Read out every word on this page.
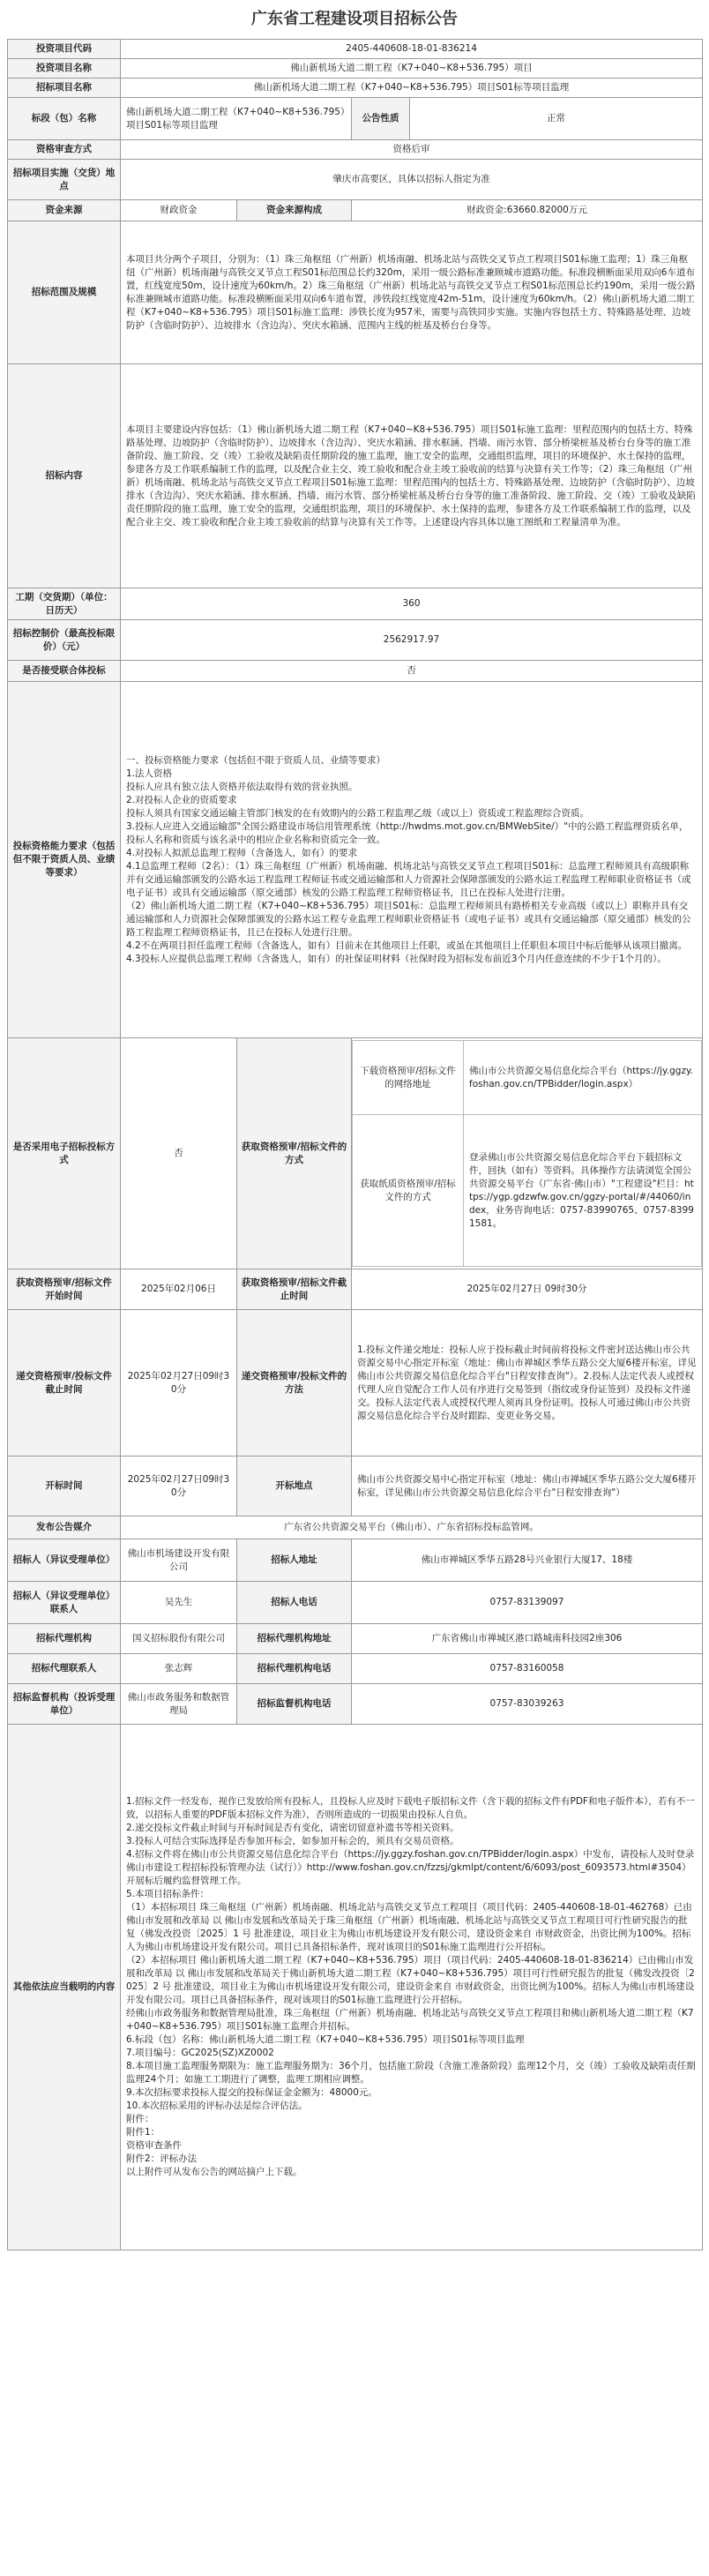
广东省工程建设项目招标公告
投资项目代码	2405-440608-18-01-836214
投资项目名称	佛山新机场大道二期工程（K7+040~K8+536.795）项目
招标项目名称	佛山新机场大道二期工程（K7+040~K8+536.795）项目S01标等项目监理
标段（包）名称	佛山新机场大道二期工程（K7+040~K8+536.795）项目S01标等项目监理	公告性质	正常
资格审查方式	资格后审
招标项目实施（交货）地点	肇庆市高要区，具体以招标人指定为准
资金来源	财政资金	资金来源构成	财政资金:63660.82000万元
招标范围及规模	本项目共分两个子项目，分别为：（1）珠三角枢纽（广州新）机场南融、机场北站与高铁交叉节点工程项目S01标施工监理；1）珠三角枢纽（广州新）机场南融与高铁交叉节点工程S01标范围总长约320m，采用一级公路标准兼顾城市道路功能。标准段横断面采用双向6车道布置，红线宽度50m，设计速度为60km/h。2）珠三角枢纽（广州新）机场北站与高铁交叉节点工程S01标范围总长约190m，采用一级公路标准兼顾城市道路功能。标准段横断面采用双向6车道布置，涉铁段红线宽度42m-51m，设计速度为60km/h。（2）佛山新机场大道二期工程（K7+040~K8+536.795）项目S01标施工监理：涉铁长度为957米，需要与高铁同步实施。实施内容包括土方、特殊路基处理、边坡防护（含临时防护）、边坡排水（含边沟）、突庆水箱涵、范围内主线的桩基及桥台台身等。
招标内容	本项目主要建设内容包括：（1）佛山新机场大道二期工程（K7+040~K8+536.795）项目S01标施工监理：里程范围内的包括土方、特殊路基处理、边坡防护（含临时防护）、边坡排水（含边沟）、突庆水箱涵、排水框涵、挡墙、雨污水管、部分桥梁桩基及桥台台身等的施工准备阶段、施工阶段、交（竣）工验收及缺陷责任期阶段的施工监理，施工安全的监理，交通组织监理，项目的环境保护、水土保持的监理，参建各方及工作联系编制工作的监理，以及配合业主交、竣工验收和配合业主竣工验收前的结算与决算有关工作等；（2）珠三角枢纽（广州新）机场南融、机场北站与高铁交叉节点工程项目S01标施工监理：里程范围内的包括土方、特殊路基处理、边坡防护（含临时防护）、边坡排水（含边沟）、突庆水箱涵、排水框涵、挡墙、雨污水管、部分桥梁桩基及桥台台身等的施工准备阶段、施工阶段、交（竣）工验收及缺陷责任期阶段的施工监理，施工安全的监理，交通组织监理，项目的环境保护、水土保持的监理，参建各方及工作联系编制工作的监理，以及配合业主交、竣工验收和配合业主竣工验收前的结算与决算有关工作等。上述建设内容具体以施工图纸和工程量清单为准。
工期（交货期）（单位：日历天）	360
招标控制价（最高投标限价）（元）	2562917.97
是否接受联合体投标	否
投标资格能力要求（包括但不限于资质人员、业绩等要求）	
一、投标资格能力要求（包括但不限于资质人员、业绩等要求）
1.法人资格
投标人应具有独立法人资格并依法取得有效的营业执照。
2.对投标人企业的资质要求
投标人须具有国家交通运输主管部门核发的在有效期内的公路工程监理乙级（或以上）资质或工程监理综合资质。
3.投标人应进入交通运输部"全国公路建设市场信用管理系统（http://hwdms.mot.gov.cn/BMWebSite/）"中的公路工程监理资质名单，投标人名称和资质与该名录中的相应企业名称和资质完全一致。
4.对投标人拟派总监理工程师（含备选人，如有）的要求
4.1总监理工程师（2名）：（1）珠三角枢纽（广州新）机场南融、机场北站与高铁交叉节点工程项目S01标：总监理工程师须具有高级职称并有交通运输部颁发的公路水运工程监理工程师证书或交通运输部和人力资源社会保障部颁发的公路水运工程监理工程师职业资格证书（或电子证书）或具有交通运输部（原交通部）核发的公路工程监理工程师资格证书，且已在投标人处进行注册。
（2）佛山新机场大道二期工程（K7+040~K8+536.795）项目S01标：总监理工程师须具有路桥相关专业高级（或以上）职称并具有交通运输部和人力资源社会保障部颁发的公路水运工程专业监理工程师职业资格证书（或电子证书）或具有交通运输部（原交通部）核发的公路工程监理工程师资格证书，且已在投标人处进行注册。
4.2不在两项目担任监理工程师（含备选人，如有）目前未在其他项目上任职，或虽在其他项目上任职但本项目中标后能够从该项目撤离。
4.3投标人应提供总监理工程师（含备选人，如有）的社保证明材料（社保时段为招标发布前近3个月内任意连续的不少于1个月的）。

是否采用电子招标投标方式	否	获取资格预审/招标文件的方式	
下载资格预审/招标文件的网络地址	佛山市公共资源交易信息化综合平台（https://jy.ggzy.foshan.gov.cn/TPBidder/login.aspx）
获取纸质资格预审/招标文件的方式	登录佛山市公共资源交易信息化综合平台下载招标文件，回执（如有）等资料。具体操作方法请浏览全国公共资源交易平台（广东省·佛山市）"工程建设"栏目：https://ygp.gdzwfw.gov.cn/ggzy-portal/#/44060/index，业务咨询电话：0757-83990765、0757-83991581。

获取资格预审/招标文件开始时间	2025年02月06日	获取资格预审/招标文件截止时间	2025年02月27日 09时30分
递交资格预审/投标文件截止时间	2025年02月27日09时30分	递交资格预审/投标文件的方法	1.投标文件递交地址：投标人应于投标截止时间前将投标文件密封送达佛山市公共资源交易中心指定开标室（地址：佛山市禅城区季华五路公交大厦6楼开标室，详见佛山市公共资源交易信息化综合平台"日程安排查询"）。2.投标人法定代表人或授权代理人应自觉配合工作人员有序进行交易签到（指纹或身份证签到）及投标文件递交。投标人法定代表人或授权代理人须再具身份证明。投标人可通过佛山市公共资源交易信息化综合平台及时跟踪、变更业务交易。
开标时间	2025年02月27日09时30分	开标地点	佛山市公共资源交易中心指定开标室（地址：佛山市禅城区季华五路公交大厦6楼开标室，详见佛山市公共资源交易信息化综合平台"日程安排查询"）
发布公告媒介	广东省公共资源交易平台（佛山市）、广东省招标投标监管网。
招标人（异议受理单位）	佛山市机场建设开发有限公司	招标人地址	佛山市禅城区季华五路28号兴业银行大厦17、18楼
招标人（异议受理单位）联系人	吴先生	招标人电话	0757-83139097
招标代理机构	国义招标股份有限公司	招标代理机构地址	广东省佛山市禅城区港口路城南科技园2座306
招标代理联系人	张志辉	招标代理机构电话	0757-83160058
招标监督机构（投诉受理单位）	佛山市政务服务和数据管理局	招标监督机构电话	0757-83039263
其他依法应当载明的内容	
1.招标文件一经发布，视作已发放给所有投标人，且投标人应及时下载电子版招标文件（含下载的招标文件有PDF和电子版件本），若有不一致，以招标人重要的PDF版本招标文件为准），否则所造成的一切损果由投标人自负。
2.递交投标文件截止时间与开标时间是否有变化，请密切留意补遗书等相关资料。
3.投标人可结合实际选择是否参加开标会，如参加开标会的，须具有交易员资格。
4.招标文件将在佛山市公共资源交易信息化综合平台（https://jy.ggzy.foshan.gov.cn/TPBidder/login.aspx）中发布，请投标人及时登录佛山市建设工程招标投标管理办法（试行）》http://www.foshan.gov.cn/fzzsj/gkmlpt/content/6/6093/post_6093573.html#3504）开展标后履约监督管理工作。
5.本项目招标条件：
（1）本招标项目 珠三角枢纽（广州新）机场南融、机场北站与高铁交叉节点工程项目（项目代码：2405-440608-18-01-462768）已由 佛山市发展和改革局 以 佛山市发展和改革局关于珠三角枢纽（广州新）机场南融、机场北站与高铁交叉节点工程项目可行性研究报告的批复（佛发改投资〔2025〕1 号 批准建设，项目业主为佛山市机场建设开发有限公司，建设资金来自 市财政资金，出资比例为100%。招标人为佛山市机场建设开发有限公司。项目已具备招标条件，现对该项目的S01标施工监理进行公开招标。
（2）本招标项目 佛山新机场大道二期工程（K7+040~K8+536.795）项目（项目代码：2405-440608-18-01-836214）已由佛山市发展和改革局 以 佛山市发展和改革局关于佛山新机场大道二期工程（K7+040~K8+536.795）项目可行性研究报告的批复（佛发改投资〔2025〕2 号 批准建设，项目业主为佛山市机场建设开发有限公司，建设资金来自 市财政资金，出资比例为100%。招标人为佛山市机场建设开发有限公司。项目已具备招标条件，现对该项目的S01标施工监理进行公开招标。
经佛山市政务服务和数据管理局批准，珠三角枢纽（广州新）机场南融、机场北站与高铁交叉节点工程项目和佛山新机场大道二期工程（K7+040~K8+536.795）项目S01标施工监理合并招标。
6.标段（包）名称：佛山新机场大道二期工程（K7+040~K8+536.795）项目S01标等项目监理
7.项目编号：GC2025(SZ)XZ0002
8.本项目施工监理服务期限为：施工监理服务期为：36个月，包括施工阶段（含施工准备阶段）监理12个月，交（竣）工验收及缺陷责任期监理24个月；如施工工期进行了调整，监理工期相应调整。
9.本次招标要求投标人提交的投标保证金金额为：48000元。
10.本次招标采用的评标办法是综合评估法。
附件：
附件1：
资格审查条件
附件2：评标办法
以上附件可从发布公告的网站摘户上下载。
